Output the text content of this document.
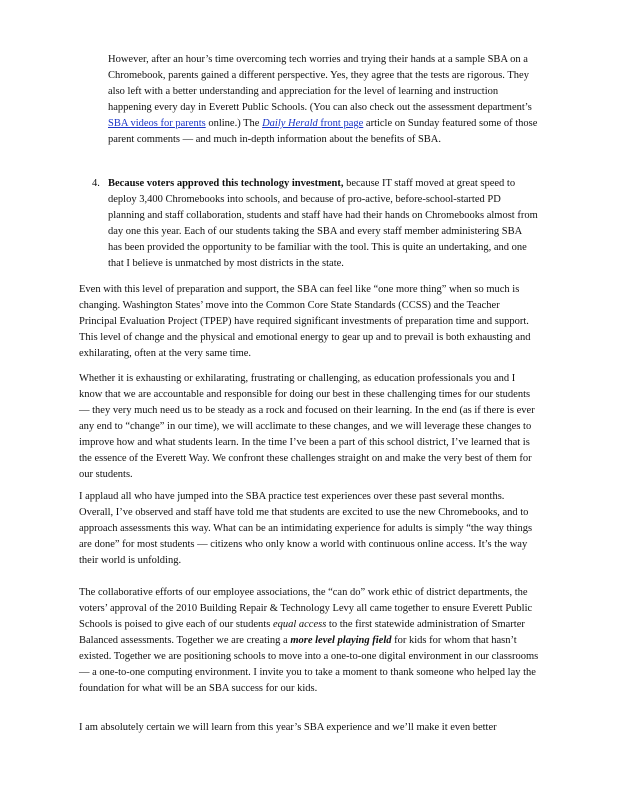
However, after an hour’s time overcoming tech worries and trying their hands at a sample SBA on a Chromebook, parents gained a different perspective. Yes, they agree that the tests are rigorous. They also left with a better understanding and appreciation for the level of learning and instruction happening every day in Everett Public Schools. (You can also check out the assessment department’s SBA videos for parents online.) The Daily Herald front page article on Sunday featured some of those parent comments — and much in-depth information about the benefits of SBA.

4. Because voters approved this technology investment, because IT staff moved at great speed to deploy 3,400 Chromebooks into schools, and because of pro-active, before-school-started PD planning and staff collaboration, students and staff have had their hands on Chromebooks almost from day one this year. Each of our students taking the SBA and every staff member administering SBA has been provided the opportunity to be familiar with the tool. This is quite an undertaking, and one that I believe is unmatched by most districts in the state.

Even with this level of preparation and support, the SBA can feel like “one more thing” when so much is changing. Washington States’ move into the Common Core State Standards (CCSS) and the Teacher Principal Evaluation Project (TPEP) have required significant investments of preparation time and support. This level of change and the physical and emotional energy to gear up and to prevail is both exhausting and exhilarating, often at the very same time.

Whether it is exhausting or exhilarating, frustrating or challenging, as education professionals you and I know that we are accountable and responsible for doing our best in these challenging times for our students — they very much need us to be steady as a rock and focused on their learning. In the end (as if there is ever any end to “change” in our time), we will acclimate to these changes, and we will leverage these changes to improve how and what students learn. In the time I’ve been a part of this school district, I’ve learned that is the essence of the Everett Way. We confront these challenges straight on and make the very best of them for our students.

I applaud all who have jumped into the SBA practice test experiences over these past several months. Overall, I’ve observed and staff have told me that students are excited to use the new Chromebooks, and to approach assessments this way. What can be an intimidating experience for adults is simply “the way things are done” for most students — citizens who only know a world with continuous online access. It’s the way their world is unfolding.

The collaborative efforts of our employee associations, the “can do” work ethic of district departments, the voters’ approval of the 2010 Building Repair & Technology Levy all came together to ensure Everett Public Schools is poised to give each of our students equal access to the first statewide administration of Smarter Balanced assessments. Together we are creating a more level playing field for kids for whom that hasn’t existed. Together we are positioning schools to move into a one-to-one digital environment in our classrooms — a one-to-one computing environment. I invite you to take a moment to thank someone who helped lay the foundation for what will be an SBA success for our kids.

I am absolutely certain we will learn from this year’s SBA experience and we’ll make it even better
